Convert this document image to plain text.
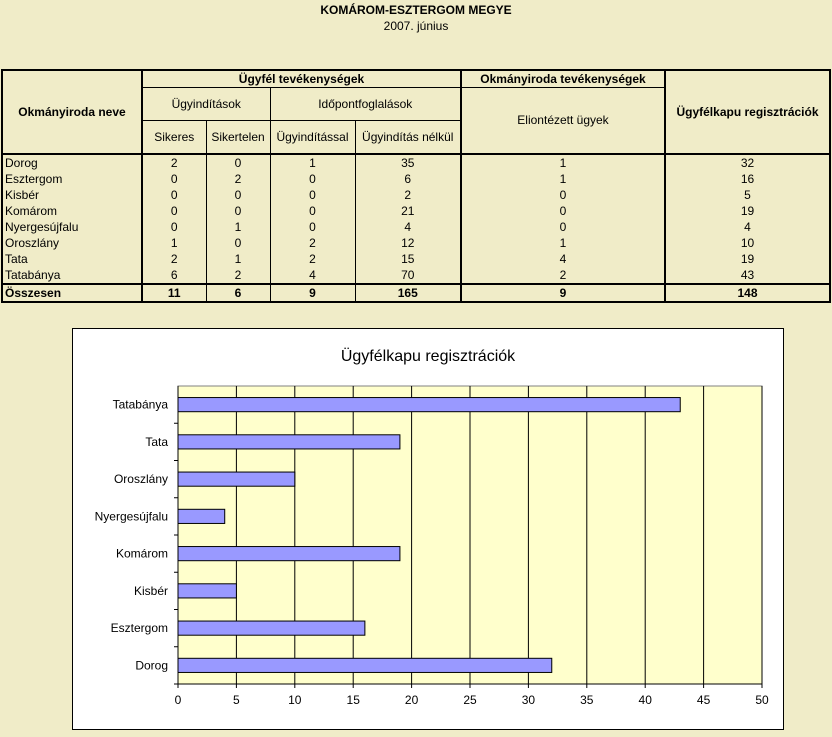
KOMÁROM-ESZTERGOM MEGYE
2007. június
Okmányiroda neve	Ügyfél tevékenységek				Okmányiroda tevékenységek	Ügyfélkapu regisztrációk
	Ügyindítások		Időpontfoglalások		Eliontézett ügyek	
	Sikeres	Sikertelen	Ügyindítással	Ügyindítás nélkül		
Dorog	2	0	1	35	1	32
Esztergom	0	2	0	6	1	16
Kisbér	0	0	0	2	0	5
Komárom	0	0	0	21	0	19
Nyergesújfalu	0	1	0	4	0	4
Oroszlány	1	0	2	12	1	10
Tata	2	1	2	15	4	19
Tatabánya	6	2	4	70	2	43
Összesen	11	6	9	165	9	148
Ügyfélkapu regisztrációk
0	5	10	15	20	25	30	35	40	45	50
Dorog
Esztergom
Kisbér
Komárom
Nyergesújfalu
Oroszlány
Tata
Tatabánya
